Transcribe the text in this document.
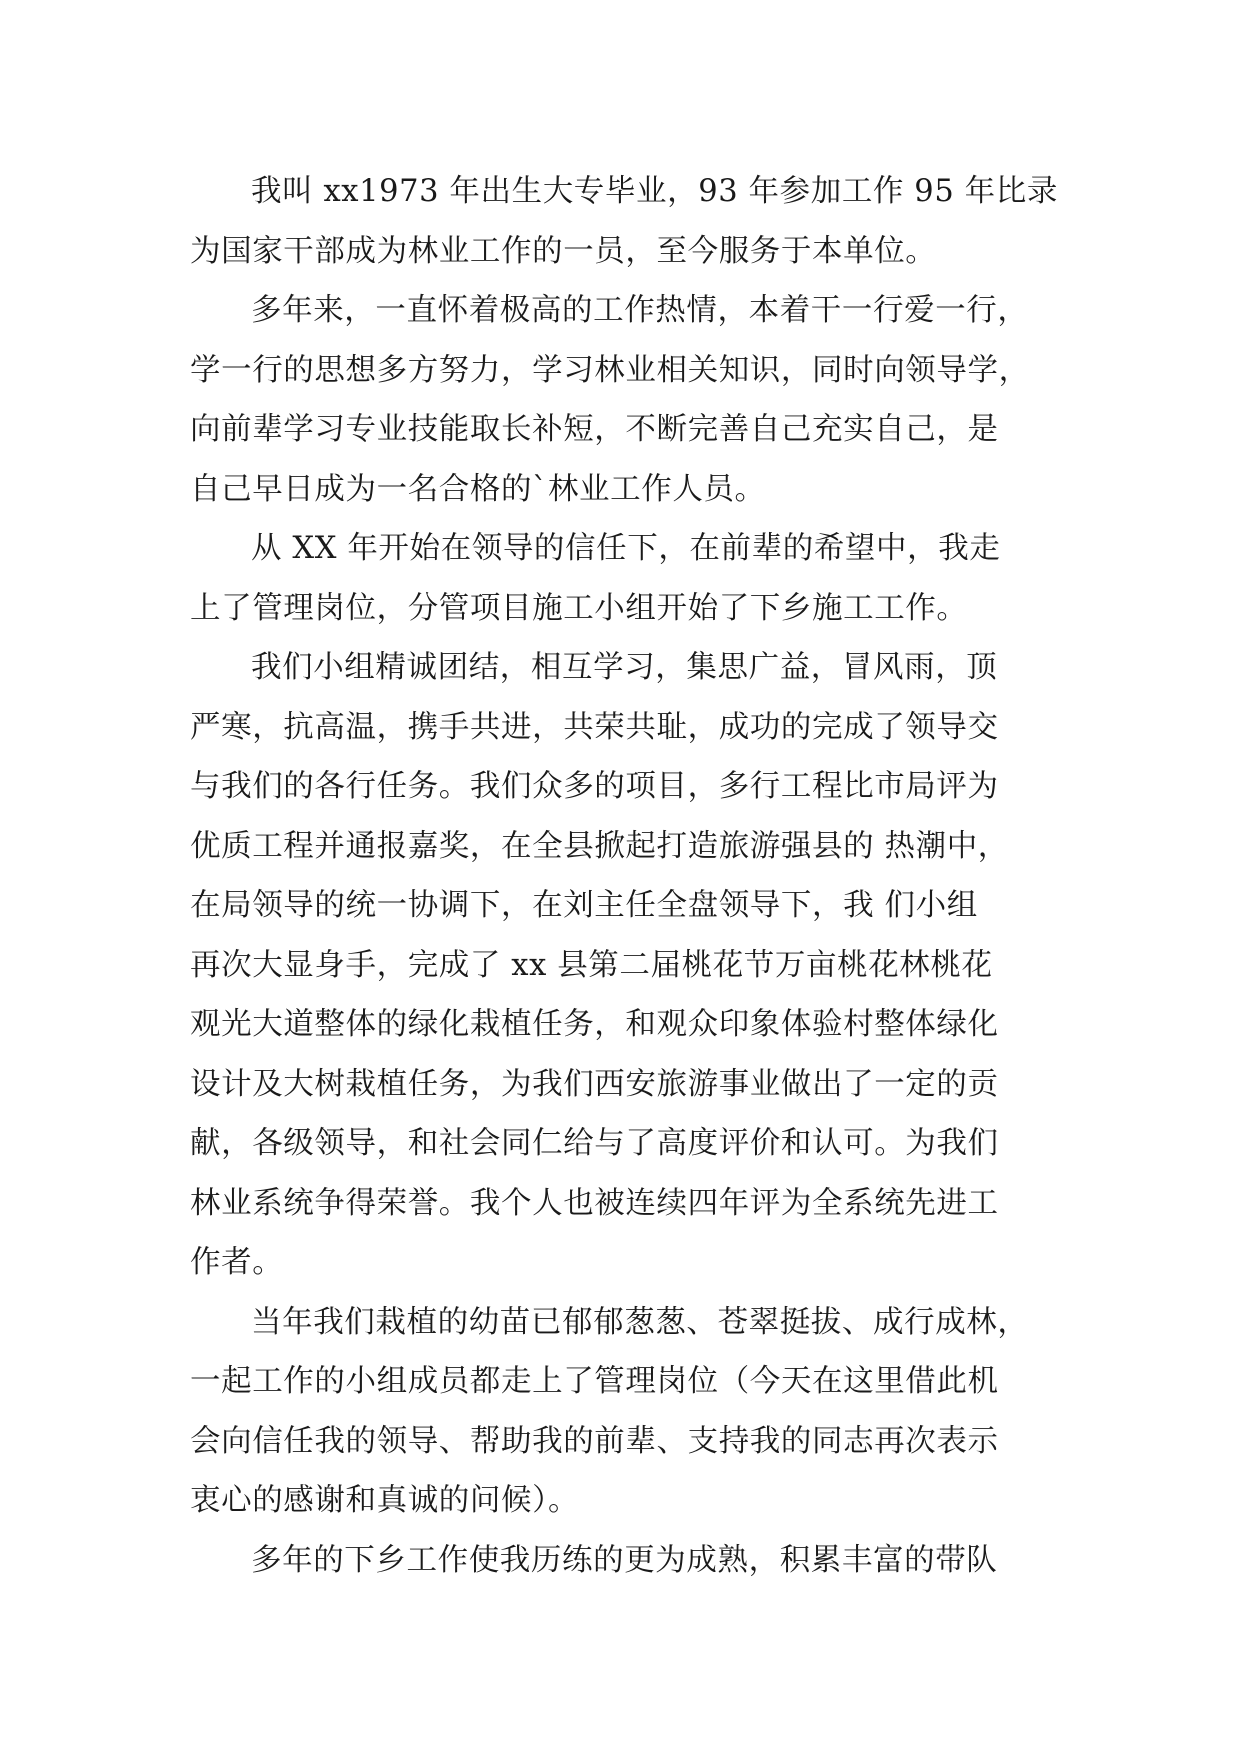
我叫 xx1973 年出生大专毕业，93 年参加工作 95 年比录
为国家干部成为林业工作的一员，至今服务于本单位。

多年来，一直怀着极高的工作热情，本着干一行爱一行，
学一行的思想多方努力，学习林业相关知识，同时向领导学，
向前辈学习专业技能取长补短，不断完善自己充实自己，是
自己早日成为一名合格的`林业工作人员。

从 XX 年开始在领导的信任下，在前辈的希望中，我走
上了管理岗位，分管项目施工小组开始了下乡施工工作。

我们小组精诚团结，相互学习，集思广益，冒风雨，顶
严寒，抗高温，携手共进，共荣共耻，成功的完成了领导交
与我们的各行任务。我们众多的项目，多行工程比市局评为
优质工程并通报嘉奖，在全县掀起打造旅游强县的 热潮中，
在局领导的统一协调下，在刘主任全盘领导下，我 们小组
再次大显身手，完成了 xx 县第二届桃花节万亩桃花林桃花
观光大道整体的绿化栽植任务，和观众印象体验村整体绿化
设计及大树栽植任务，为我们西安旅游事业做出了一定的贡
献，各级领导，和社会同仁给与了高度评价和认可。为我们
林业系统争得荣誉。我个人也被连续四年评为全系统先进工
作者。

当年我们栽植的幼苗已郁郁葱葱、苍翠挺拔、成行成林，
一起工作的小组成员都走上了管理岗位（今天在这里借此机
会向信任我的领导、帮助我的前辈、支持我的同志再次表示
衷心的感谢和真诚的问候）。

多年的下乡工作使我历练的更为成熟，积累丰富的带队
